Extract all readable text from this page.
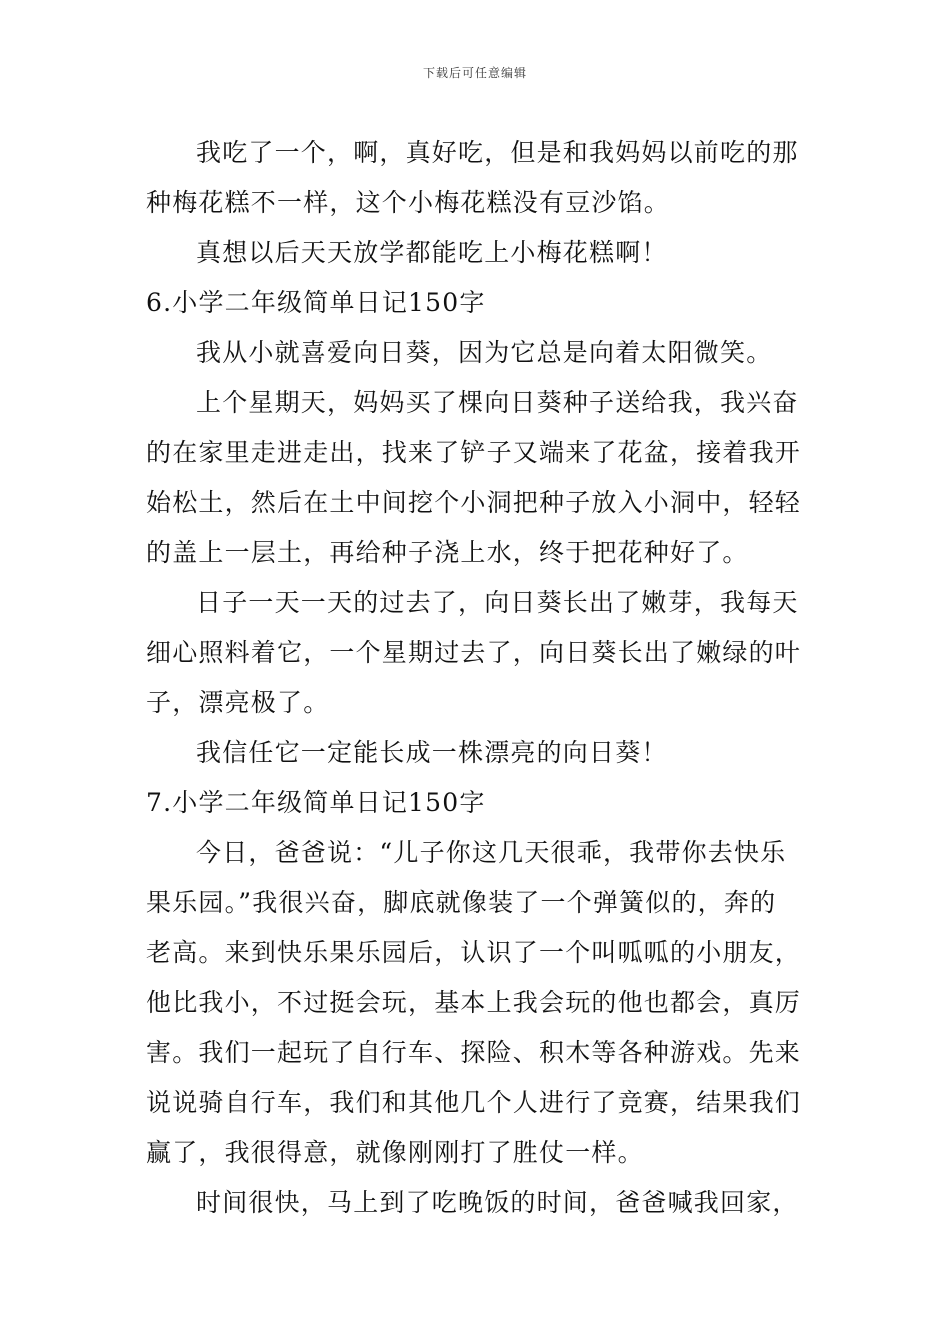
下载后可任意编辑
我吃了一个，啊，真好吃，但是和我妈妈以前吃的那
种梅花糕不一样，这个小梅花糕没有豆沙馅。
真想以后天天放学都能吃上小梅花糕啊！
6.小学二年级简单日记150字
我从小就喜爱向日葵，因为它总是向着太阳微笑。
上个星期天，妈妈买了棵向日葵种子送给我，我兴奋
的在家里走进走出，找来了铲子又端来了花盆，接着我开
始松土，然后在土中间挖个小洞把种子放入小洞中，轻轻
的盖上一层土，再给种子浇上水，终于把花种好了。
日子一天一天的过去了，向日葵长出了嫩芽，我每天
细心照料着它，一个星期过去了，向日葵长出了嫩绿的叶
子，漂亮极了。
我信任它一定能长成一株漂亮的向日葵！
7.小学二年级简单日记150字
今日，爸爸说：“儿子你这几天很乖，我带你去快乐
果乐园。”我很兴奋，脚底就像装了一个弹簧似的，奔的
老高。来到快乐果乐园后，认识了一个叫呱呱的小朋友，
他比我小，不过挺会玩，基本上我会玩的他也都会，真厉
害。我们一起玩了自行车、探险、积木等各种游戏。先来
说说骑自行车，我们和其他几个人进行了竞赛，结果我们
赢了，我很得意，就像刚刚打了胜仗一样。
时间很快，马上到了吃晚饭的时间，爸爸喊我回家，
